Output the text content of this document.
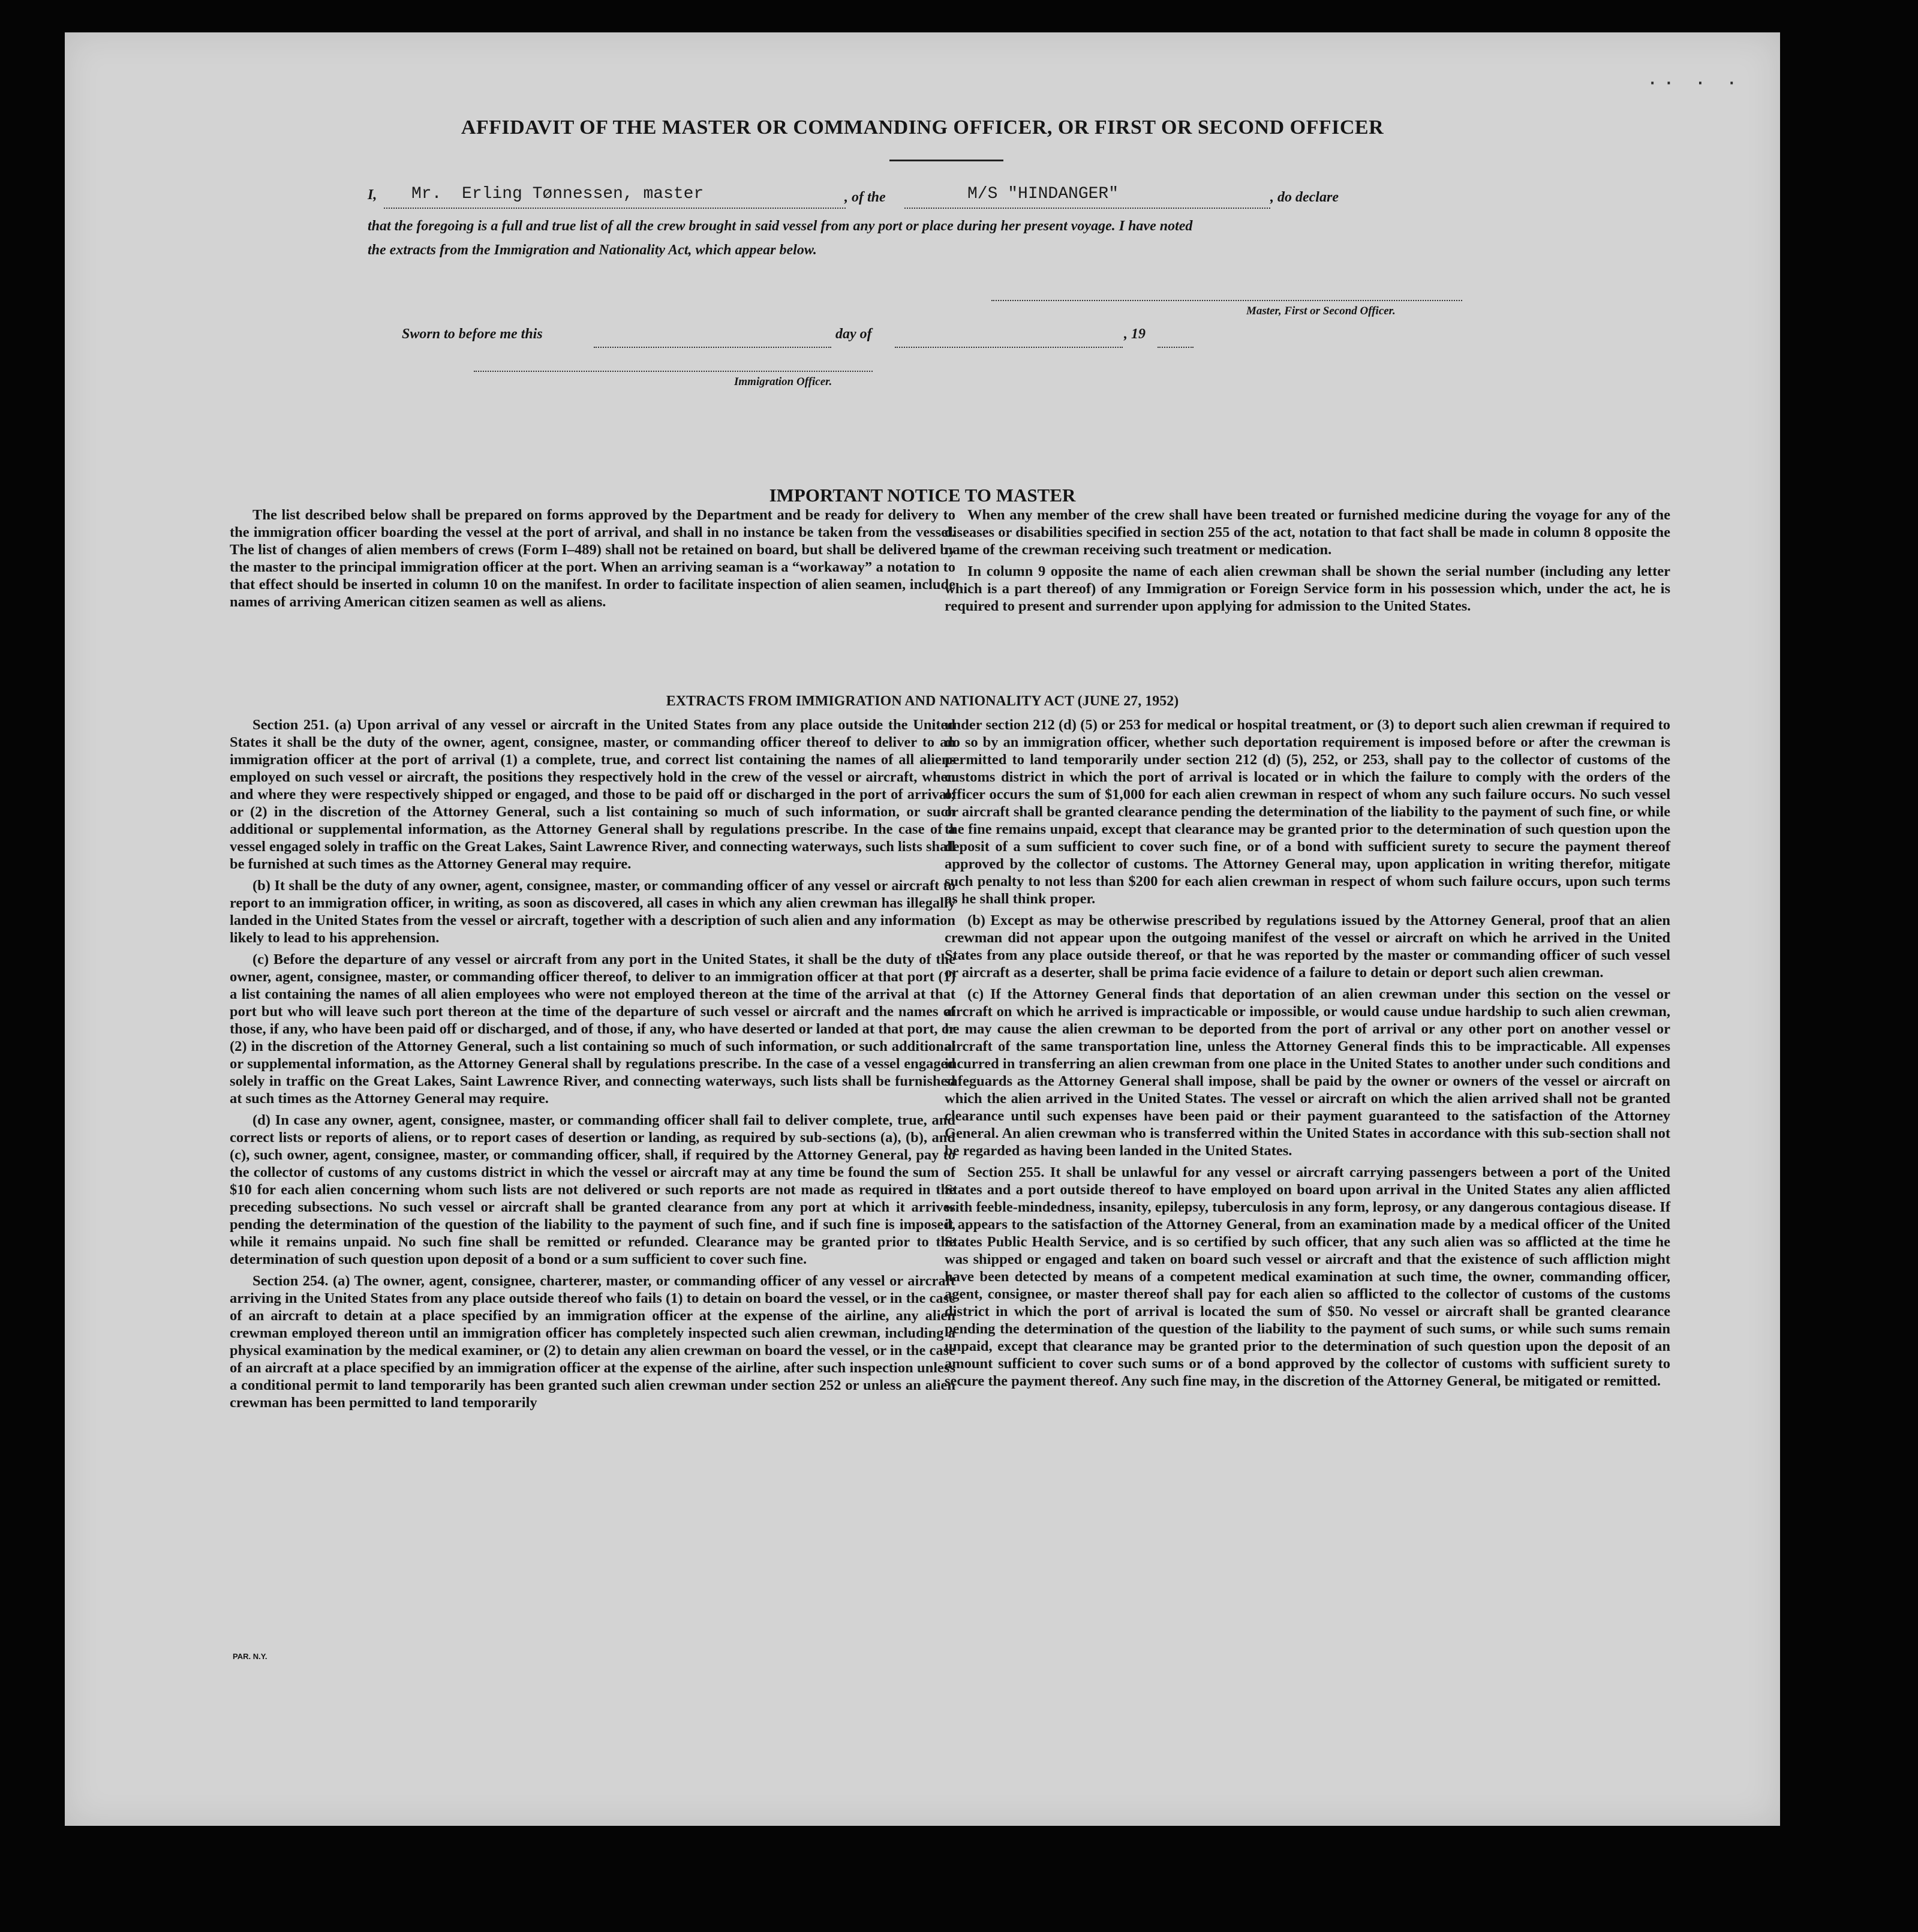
·· · ·
AFFIDAVIT OF THE MASTER OR COMMANDING OFFICER, OR FIRST OR SECOND OFFICER
I, Mr.  Erling Tønnessen, master	, of the	M/S "HINDANGER"	, do declare
that the foregoing is a full and true list of all the crew brought in said vessel from any port or place during her present voyage. I have noted
the extracts from the Immigration and Nationality Act, which appear below.
Master, First or Second Officer.
Sworn to before me this	day of	, 19
Immigration Officer.
IMPORTANT NOTICE TO MASTER

The list described below shall be prepared on forms approved by the Department and be ready for delivery to the immigration officer boarding the vessel at the port of arrival, and shall in no instance be taken from the vessel. The list of changes of alien members of crews (Form I–489) shall not be retained on board, but shall be delivered by the master to the principal immigration officer at the port. When an arriving seaman is a “workaway” a notation to that effect should be inserted in column 10 on the manifest. In order to facilitate inspection of alien seamen, include names of arriving American citizen seamen as well as aliens.

When any member of the crew shall have been treated or furnished medicine during the voyage for any of the diseases or disabilities specified in section 255 of the act, notation to that fact shall be made in column 8 opposite the name of the crewman receiving such treatment or medication.

In column 9 opposite the name of each alien crewman shall be shown the serial number (including any letter which is a part thereof) of any Immigration or Foreign Service form in his possession which, under the act, he is required to present and surrender upon applying for admission to the United States.

EXTRACTS FROM IMMIGRATION AND NATIONALITY ACT (JUNE 27, 1952)

Section 251. (a) Upon arrival of any vessel or aircraft in the United States from any place outside the United States it shall be the duty of the owner, agent, consignee, master, or commanding officer thereof to deliver to an immigration officer at the port of arrival (1) a complete, true, and correct list containing the names of all aliens employed on such vessel or aircraft, the positions they respectively hold in the crew of the vessel or aircraft, when and where they were respectively shipped or engaged, and those to be paid off or discharged in the port of arrival; or (2) in the discretion of the Attorney General, such a list containing so much of such information, or such additional or supplemental information, as the Attorney General shall by regulations prescribe. In the case of a vessel engaged solely in traffic on the Great Lakes, Saint Lawrence River, and connecting waterways, such lists shall be furnished at such times as the Attorney General may require.

(b) It shall be the duty of any owner, agent, consignee, master, or commanding officer of any vessel or aircraft to report to an immigration officer, in writing, as soon as discovered, all cases in which any alien crewman has illegally landed in the United States from the vessel or aircraft, together with a description of such alien and any information likely to lead to his apprehension.

(c) Before the departure of any vessel or aircraft from any port in the United States, it shall be the duty of the owner, agent, consignee, master, or commanding officer thereof, to deliver to an immigration officer at that port (1) a list containing the names of all alien employees who were not employed thereon at the time of the arrival at that port but who will leave such port thereon at the time of the departure of such vessel or aircraft and the names of those, if any, who have been paid off or discharged, and of those, if any, who have deserted or landed at that port, or (2) in the discretion of the Attorney General, such a list containing so much of such information, or such additional or supplemental information, as the Attorney General shall by regulations prescribe. In the case of a vessel engaged solely in traffic on the Great Lakes, Saint Lawrence River, and connecting waterways, such lists shall be furnished at such times as the Attorney General may require.

(d) In case any owner, agent, consignee, master, or commanding officer shall fail to deliver complete, true, and correct lists or reports of aliens, or to report cases of desertion or landing, as required by sub-sections (a), (b), and (c), such owner, agent, consignee, master, or commanding officer, shall, if required by the Attorney General, pay to the collector of customs of any customs district in which the vessel or aircraft may at any time be found the sum of $10 for each alien concerning whom such lists are not delivered or such reports are not made as required in the preceding subsections. No such vessel or aircraft shall be granted clearance from any port at which it arrives pending the determination of the question of the liability to the payment of such fine, and if such fine is imposed, while it remains unpaid. No such fine shall be remitted or refunded. Clearance may be granted prior to the determination of such question upon deposit of a bond or a sum sufficient to cover such fine.

Section 254. (a) The owner, agent, consignee, charterer, master, or commanding officer of any vessel or aircraft arriving in the United States from any place outside thereof who fails (1) to detain on board the vessel, or in the case of an aircraft to detain at a place specified by an immigration officer at the expense of the airline, any alien crewman employed thereon until an immigration officer has completely inspected such alien crewman, including a physical examination by the medical examiner, or (2) to detain any alien crewman on board the vessel, or in the case of an aircraft at a place specified by an immigration officer at the expense of the airline, after such inspection unless a conditional permit to land temporarily has been granted such alien crewman under section 252 or unless an alien crewman has been permitted to land temporarily

under section 212 (d) (5) or 253 for medical or hospital treatment, or (3) to deport such alien crewman if required to do so by an immigration officer, whether such deportation requirement is imposed before or after the crewman is permitted to land temporarily under section 212 (d) (5), 252, or 253, shall pay to the collector of customs of the customs district in which the port of arrival is located or in which the failure to comply with the orders of the officer occurs the sum of $1,000 for each alien crewman in respect of whom any such failure occurs. No such vessel or aircraft shall be granted clearance pending the determination of the liability to the payment of such fine, or while the fine remains unpaid, except that clearance may be granted prior to the determination of such question upon the deposit of a sum sufficient to cover such fine, or of a bond with sufficient surety to secure the payment thereof approved by the collector of customs. The Attorney General may, upon application in writing therefor, mitigate such penalty to not less than $200 for each alien crewman in respect of whom such failure occurs, upon such terms as he shall think proper.

(b) Except as may be otherwise prescribed by regulations issued by the Attorney General, proof that an alien crewman did not appear upon the outgoing manifest of the vessel or aircraft on which he arrived in the United States from any place outside thereof, or that he was reported by the master or commanding officer of such vessel or aircraft as a deserter, shall be prima facie evidence of a failure to detain or deport such alien crewman.

(c) If the Attorney General finds that deportation of an alien crewman under this section on the vessel or aircraft on which he arrived is impracticable or impossible, or would cause undue hardship to such alien crewman, he may cause the alien crewman to be deported from the port of arrival or any other port on another vessel or aircraft of the same transportation line, unless the Attorney General finds this to be impracticable. All expenses incurred in transferring an alien crewman from one place in the United States to another under such conditions and safeguards as the Attorney General shall impose, shall be paid by the owner or owners of the vessel or aircraft on which the alien arrived in the United States. The vessel or aircraft on which the alien arrived shall not be granted clearance until such expenses have been paid or their payment guaranteed to the satisfaction of the Attorney General. An alien crewman who is transferred within the United States in accordance with this sub-section shall not be regarded as having been landed in the United States.

Section 255. It shall be unlawful for any vessel or aircraft carrying passengers between a port of the United States and a port outside thereof to have employed on board upon arrival in the United States any alien afflicted with feeble-mindedness, insanity, epilepsy, tuberculosis in any form, leprosy, or any dangerous contagious disease. If it appears to the satisfaction of the Attorney General, from an examination made by a medical officer of the United States Public Health Service, and is so certified by such officer, that any such alien was so afflicted at the time he was shipped or engaged and taken on board such vessel or aircraft and that the existence of such affliction might have been detected by means of a competent medical examination at such time, the owner, commanding officer, agent, consignee, or master thereof shall pay for each alien so afflicted to the collector of customs of the customs district in which the port of arrival is located the sum of $50. No vessel or aircraft shall be granted clearance pending the determination of the question of the liability to the payment of such sums, or while such sums remain unpaid, except that clearance may be granted prior to the determination of such question upon the deposit of an amount sufficient to cover such sums or of a bond approved by the collector of customs with sufficient surety to secure the payment thereof. Any such fine may, in the discretion of the Attorney General, be mitigated or remitted.

PAR. N.Y.
